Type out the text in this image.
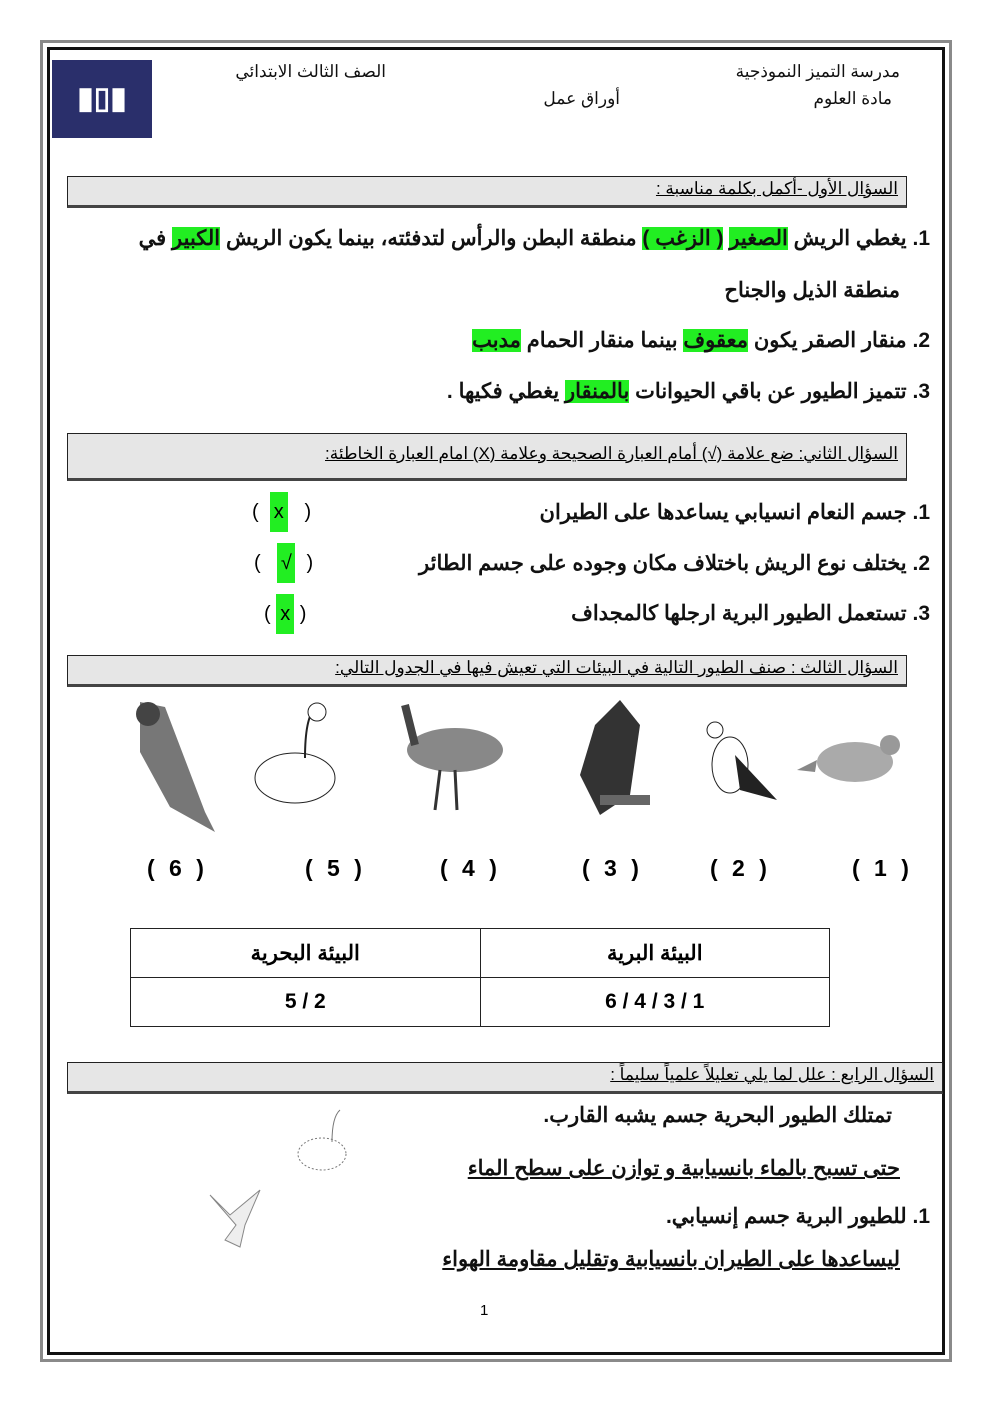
▮▯▮
مدرسة التميز النموذجية
مادة العلوم
الصف الثالث الابتدائي
أوراق عمل
السؤال الأول -أكمل بكلمة مناسبة :
1. يغطي الريش الصغير ( الزغب ) منطقة البطن والرأس لتدفئته، بينما يكون الريش الكبير في
منطقة الذيل والجناح
2. منقار الصقر يكون معقوف بينما منقار الحمام مدبب
3. تتميز الطيور عن باقي الحيوانات بالمنقار يغطي فكيها .
السؤال الثاني: ضع علامة (√) أمام العبارة الصحيحة وعلامة (X) امام العبارة الخاطئة:
1. جسم النعام انسيابي يساعدها على الطيران
( x )
2. يختلف نوع الريش باختلاف مكان وجوده على جسم الطائر
( √ )
3. تستعمل الطيور البرية ارجلها كالمجداف
( x )
السؤال الثالث : صنف الطيور التالية في البيئات التي تعيش فيها في الجدول التالي:
( 1 )
( 2 )
( 3 )
( 4 )
( 5 )
( 6 )
البيئة البرية	البيئة البحرية
6 / 4 / 3 / 1	5 / 2
السؤال الرابع : علل لما يلي تعليلاً علمياً سليماً :
تمتلك الطيور البحرية جسم يشبه القارب.
حتى تسبح بالماء بانسيابية و توازن على سطح الماء
1. للطيور البرية جسم إنسيابي.
ليساعدها على الطيران بانسيابية وتقليل مقاومة الهواء
1
